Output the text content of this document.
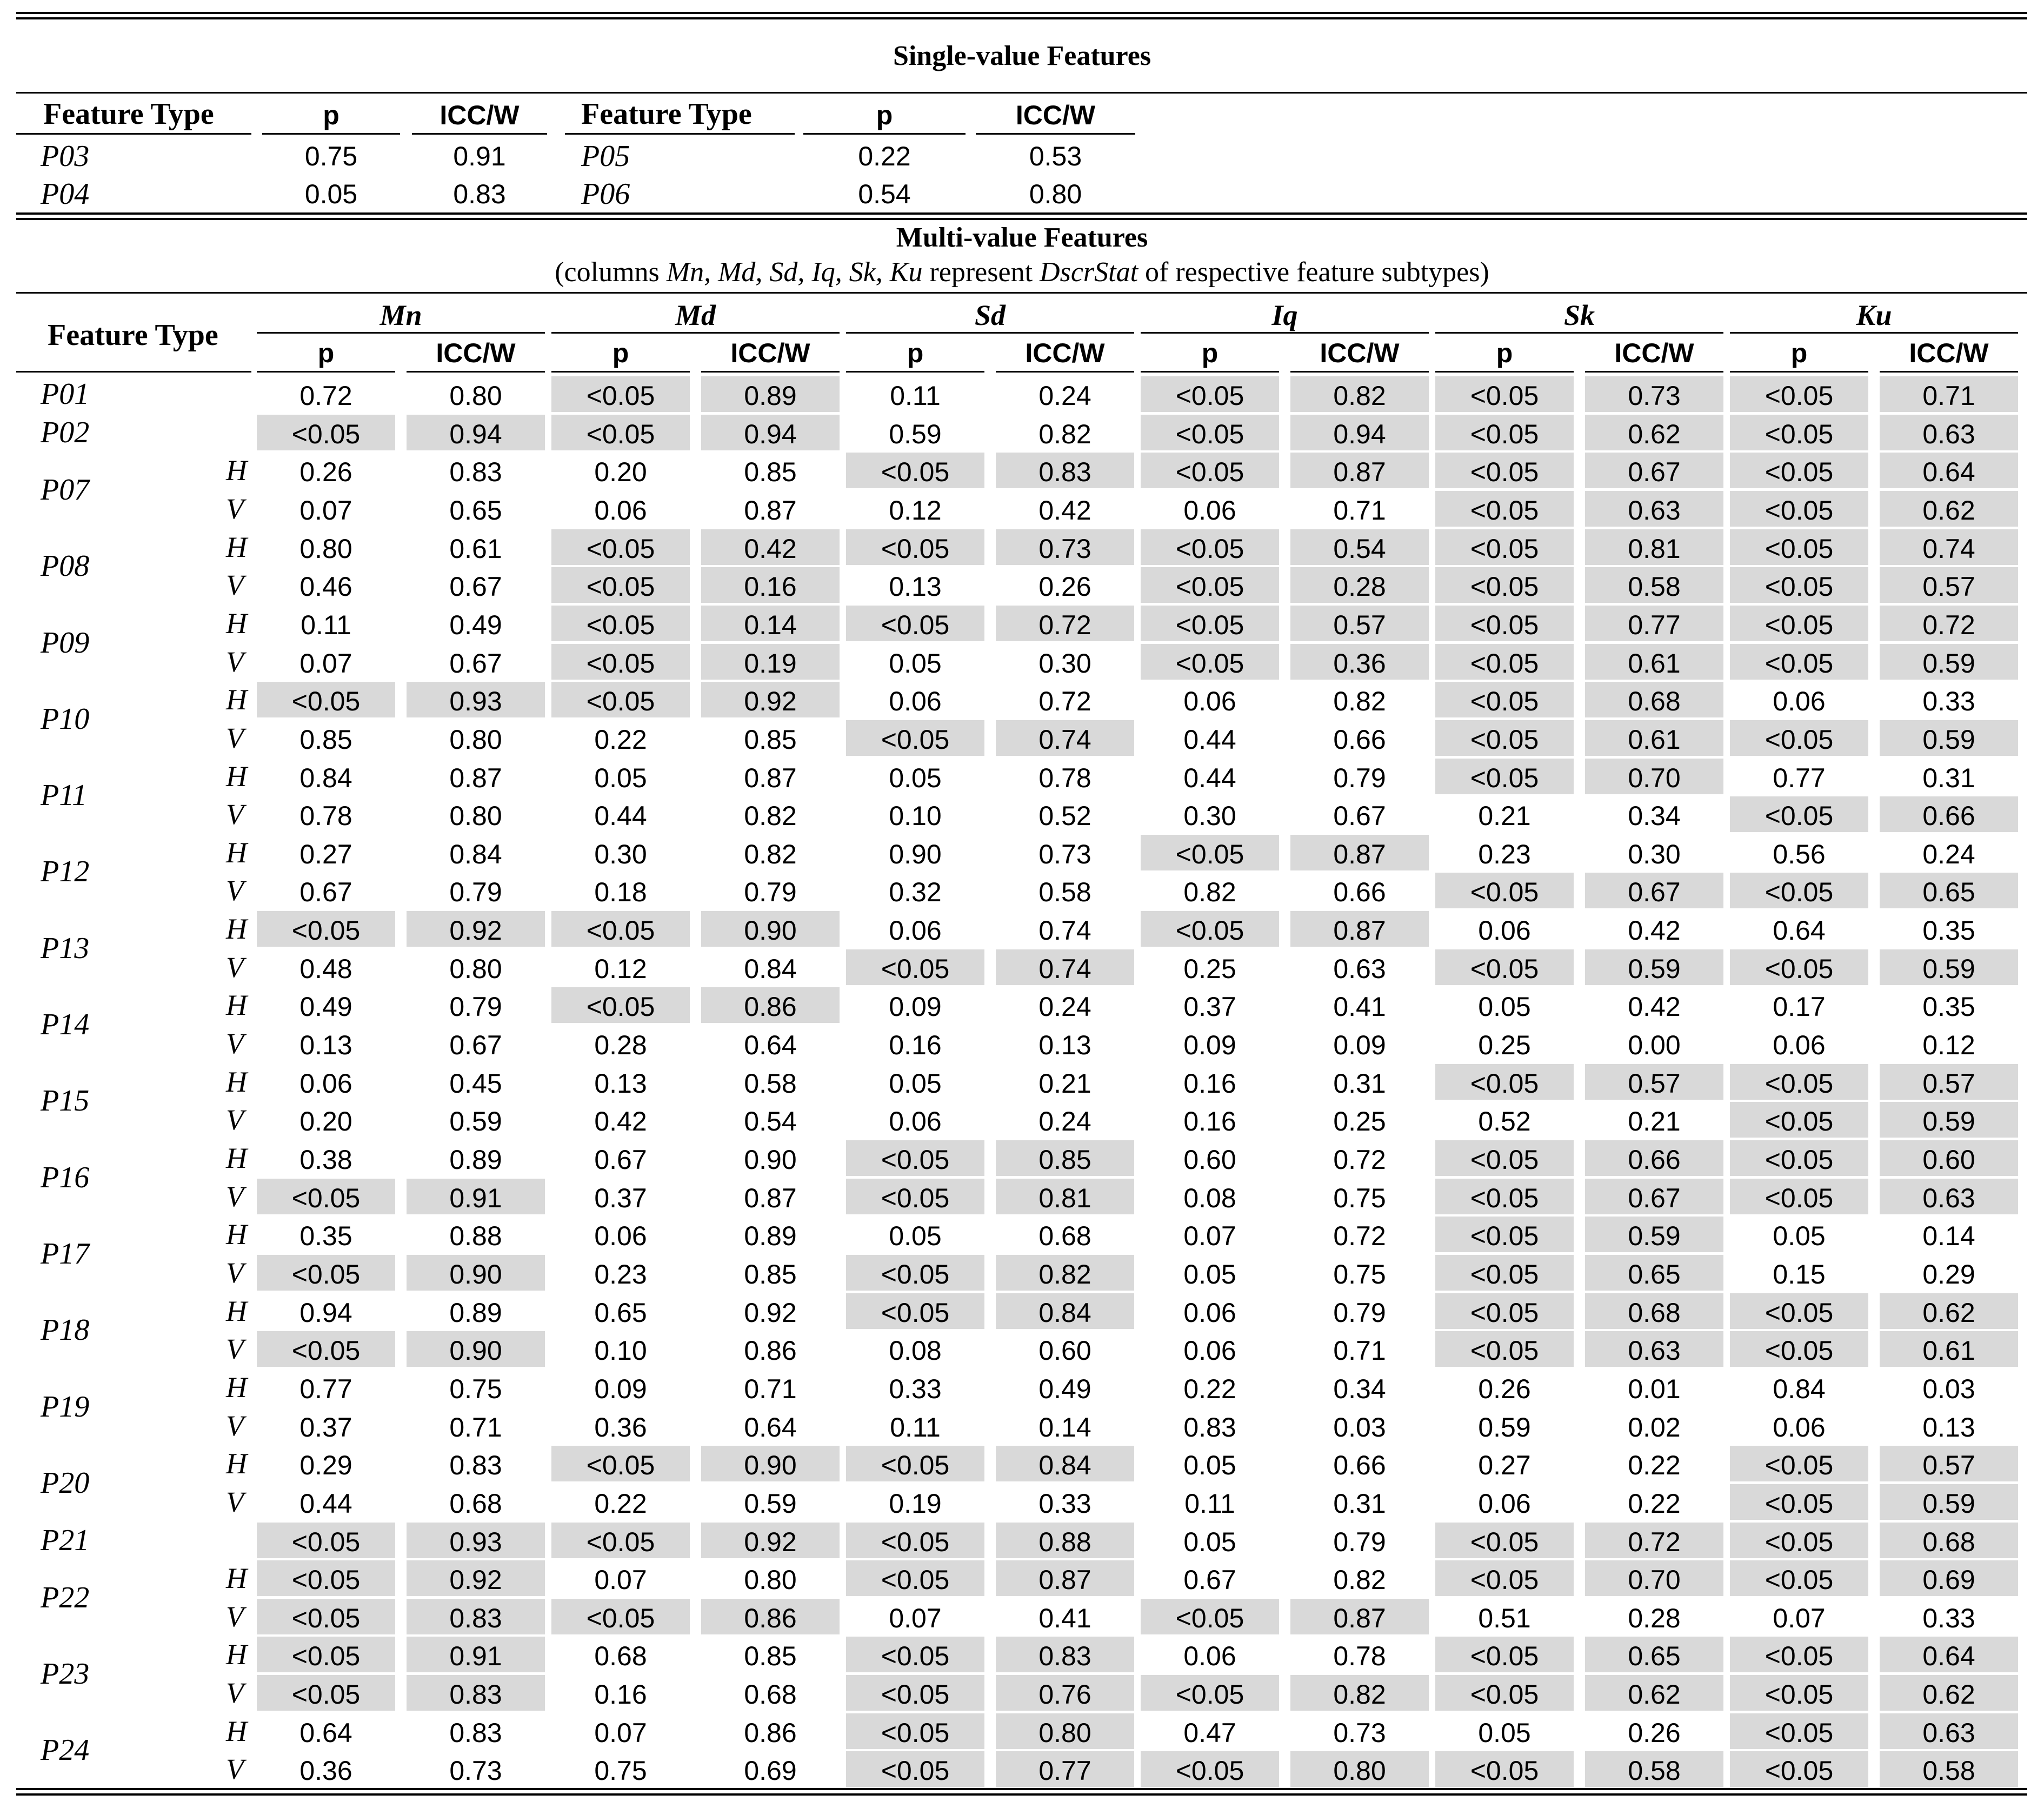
Single-value Features
Feature Type	p	ICC/W	Feature Type	p	ICC/W
P03	0.75	0.91	P05	0.22	0.53
P04	0.05	0.83	P06	0.54	0.80
Multi-value Features
(columns Mn, Md, Sd, Iq, Sk, Ku represent DscrStat of respective feature subtypes)
Feature Type
Mn
p	ICC/W
Md
p	ICC/W
Sd
p	ICC/W
Iq
p	ICC/W
Sk
p	ICC/W
Ku
p	ICC/W
P01	0.72	0.80	<0.05	0.89	0.11	0.24	<0.05	0.82	<0.05	0.73	<0.05	0.71
P02	<0.05	0.94	<0.05	0.94	0.59	0.82	<0.05	0.94	<0.05	0.62	<0.05	0.63
P07
H	0.26	0.83	0.20	0.85	<0.05	0.83	<0.05	0.87	<0.05	0.67	<0.05	0.64
V	0.07	0.65	0.06	0.87	0.12	0.42	0.06	0.71	<0.05	0.63	<0.05	0.62
P08
H	0.80	0.61	<0.05	0.42	<0.05	0.73	<0.05	0.54	<0.05	0.81	<0.05	0.74
V	0.46	0.67	<0.05	0.16	0.13	0.26	<0.05	0.28	<0.05	0.58	<0.05	0.57
P09
H	0.11	0.49	<0.05	0.14	<0.05	0.72	<0.05	0.57	<0.05	0.77	<0.05	0.72
V	0.07	0.67	<0.05	0.19	0.05	0.30	<0.05	0.36	<0.05	0.61	<0.05	0.59
P10
H	<0.05	0.93	<0.05	0.92	0.06	0.72	0.06	0.82	<0.05	0.68	0.06	0.33
V	0.85	0.80	0.22	0.85	<0.05	0.74	0.44	0.66	<0.05	0.61	<0.05	0.59
P11
H	0.84	0.87	0.05	0.87	0.05	0.78	0.44	0.79	<0.05	0.70	0.77	0.31
V	0.78	0.80	0.44	0.82	0.10	0.52	0.30	0.67	0.21	0.34	<0.05	0.66
P12
H	0.27	0.84	0.30	0.82	0.90	0.73	<0.05	0.87	0.23	0.30	0.56	0.24
V	0.67	0.79	0.18	0.79	0.32	0.58	0.82	0.66	<0.05	0.67	<0.05	0.65
P13
H	<0.05	0.92	<0.05	0.90	0.06	0.74	<0.05	0.87	0.06	0.42	0.64	0.35
V	0.48	0.80	0.12	0.84	<0.05	0.74	0.25	0.63	<0.05	0.59	<0.05	0.59
P14
H	0.49	0.79	<0.05	0.86	0.09	0.24	0.37	0.41	0.05	0.42	0.17	0.35
V	0.13	0.67	0.28	0.64	0.16	0.13	0.09	0.09	0.25	0.00	0.06	0.12
P15
H	0.06	0.45	0.13	0.58	0.05	0.21	0.16	0.31	<0.05	0.57	<0.05	0.57
V	0.20	0.59	0.42	0.54	0.06	0.24	0.16	0.25	0.52	0.21	<0.05	0.59
P16
H	0.38	0.89	0.67	0.90	<0.05	0.85	0.60	0.72	<0.05	0.66	<0.05	0.60
V	<0.05	0.91	0.37	0.87	<0.05	0.81	0.08	0.75	<0.05	0.67	<0.05	0.63
P17
H	0.35	0.88	0.06	0.89	0.05	0.68	0.07	0.72	<0.05	0.59	0.05	0.14
V	<0.05	0.90	0.23	0.85	<0.05	0.82	0.05	0.75	<0.05	0.65	0.15	0.29
P18
H	0.94	0.89	0.65	0.92	<0.05	0.84	0.06	0.79	<0.05	0.68	<0.05	0.62
V	<0.05	0.90	0.10	0.86	0.08	0.60	0.06	0.71	<0.05	0.63	<0.05	0.61
P19
H	0.77	0.75	0.09	0.71	0.33	0.49	0.22	0.34	0.26	0.01	0.84	0.03
V	0.37	0.71	0.36	0.64	0.11	0.14	0.83	0.03	0.59	0.02	0.06	0.13
P20
H	0.29	0.83	<0.05	0.90	<0.05	0.84	0.05	0.66	0.27	0.22	<0.05	0.57
V	0.44	0.68	0.22	0.59	0.19	0.33	0.11	0.31	0.06	0.22	<0.05	0.59
P21	<0.05	0.93	<0.05	0.92	<0.05	0.88	0.05	0.79	<0.05	0.72	<0.05	0.68
P22
H	<0.05	0.92	0.07	0.80	<0.05	0.87	0.67	0.82	<0.05	0.70	<0.05	0.69
V	<0.05	0.83	<0.05	0.86	0.07	0.41	<0.05	0.87	0.51	0.28	0.07	0.33
P23
H	<0.05	0.91	0.68	0.85	<0.05	0.83	0.06	0.78	<0.05	0.65	<0.05	0.64
V	<0.05	0.83	0.16	0.68	<0.05	0.76	<0.05	0.82	<0.05	0.62	<0.05	0.62
P24
H	0.64	0.83	0.07	0.86	<0.05	0.80	0.47	0.73	0.05	0.26	<0.05	0.63
V	0.36	0.73	0.75	0.69	<0.05	0.77	<0.05	0.80	<0.05	0.58	<0.05	0.58
